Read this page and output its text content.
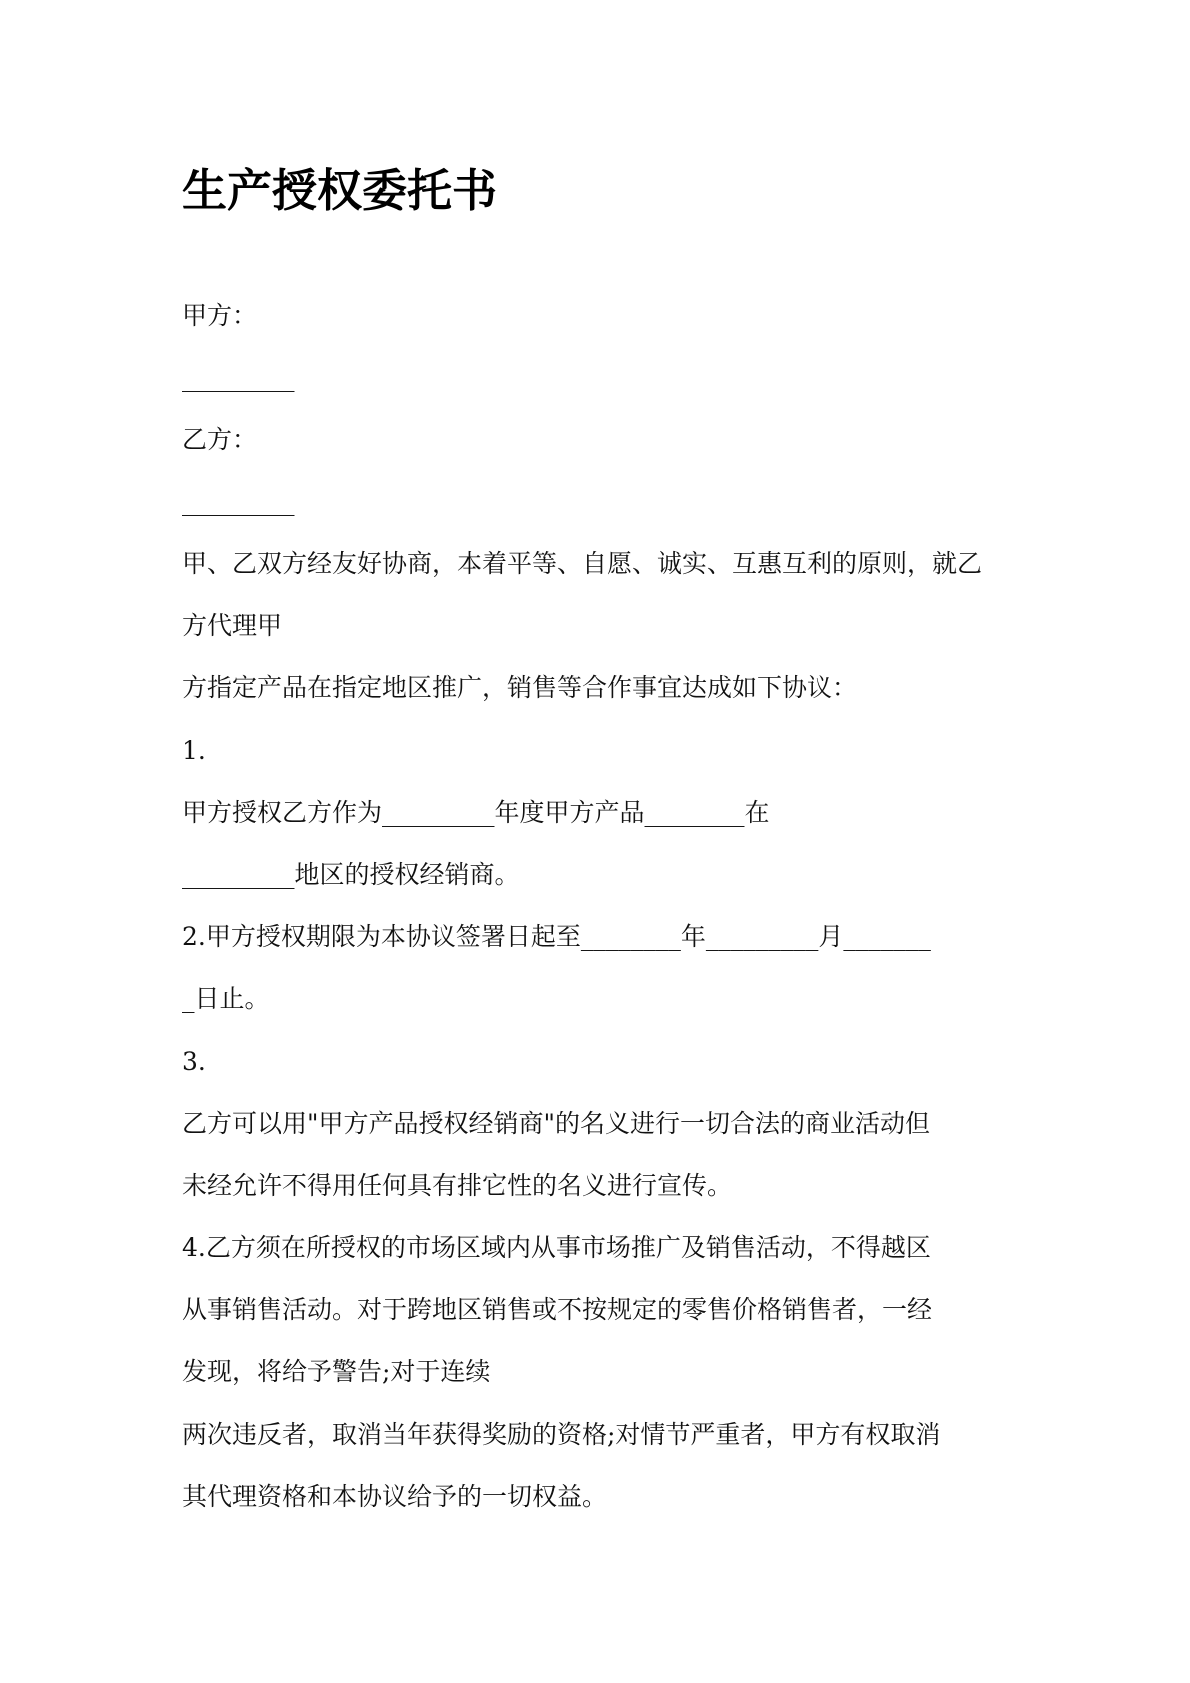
生产授权委托书

甲方：

_________

乙方：

_________

甲、乙双方经友好协商，本着平等、自愿、诚实、互惠互利的原则，就乙

方代理甲

方指定产品在指定地区推广，销售等合作事宜达成如下协议：

1.

甲方授权乙方作为_________年度甲方产品________在

_________地区的授权经销商。

2.甲方授权期限为本协议签署日起至________年_________月_______

_日止。

3.

乙方可以用"甲方产品授权经销商"的名义进行一切合法的商业活动但

未经允许不得用任何具有排它性的名义进行宣传。

4.乙方须在所授权的市场区域内从事市场推广及销售活动，不得越区

从事销售活动。对于跨地区销售或不按规定的零售价格销售者，一经

发现，将给予警告;对于连续

两次违反者，取消当年获得奖励的资格;对情节严重者，甲方有权取消

其代理资格和本协议给予的一切权益。
